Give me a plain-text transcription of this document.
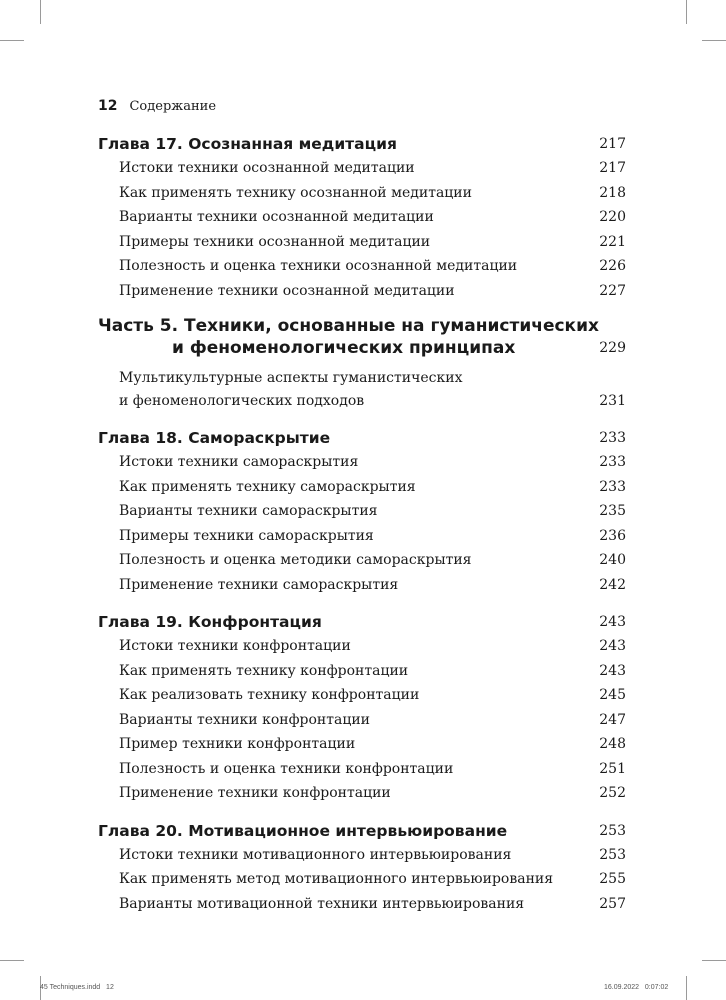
12 Содержание
Глава 17. Осознанная медитация	217
Истоки техники осознанной медитации	217
Как применять технику осознанной медитации	218
Варианты техники осознанной медитации	220
Примеры техники осознанной медитации	221
Полезность и оценка техники осознанной медитации	226
Применение техники осознанной медитации	227
Часть 5. Техники, основанные на гуманистических
и феноменологических принципах	229
Мультикультурные аспекты гуманистических
и феноменологических подходов	231
Глава 18. Самораскрытие	233
Истоки техники самораскрытия	233
Как применять технику самораскрытия	233
Варианты техники самораскрытия	235
Примеры техники самораскрытия	236
Полезность и оценка методики самораскрытия	240
Применение техники самораскрытия	242
Глава 19. Конфронтация	243
Истоки техники конфронтации	243
Как применять технику конфронтации	243
Как реализовать технику конфронтации	245
Варианты техники конфронтации	247
Пример техники конфронтации	248
Полезность и оценка техники конфронтации	251
Применение техники конфронтации	252
Глава 20. Мотивационное интервьюирование	253
Истоки техники мотивационного интервьюирования	253
Как применять метод мотивационного интервьюирования	255
Варианты мотивационной техники интервьюирования	257
45 Techniques.indd 12	16.09.2022 0:07:02
